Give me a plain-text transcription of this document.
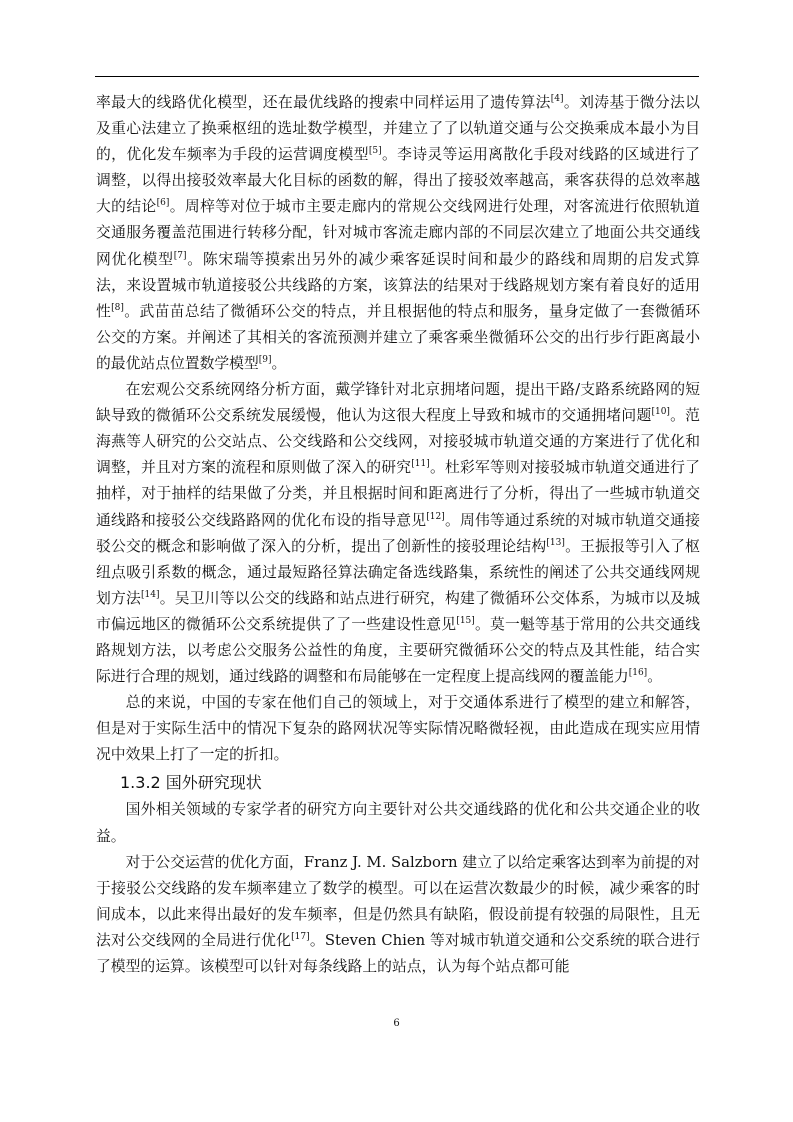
率最大的线路优化模型，还在最优线路的搜索中同样运用了遗传算法[4]。刘涛基于微分法以及重心法建立了换乘枢纽的选址数学模型，并建立了了以轨道交通与公交换乘成本最小为目的，优化发车频率为手段的运营调度模型[5]。李诗灵等运用离散化手段对线路的区域进行了调整，以得出接驳效率最大化目标的函数的解，得出了接驳效率越高，乘客获得的总效率越大的结论[6]。周梓等对位于城市主要走廊内的常规公交线网进行处理，对客流进行依照轨道交通服务覆盖范围进行转移分配，针对城市客流走廊内部的不同层次建立了地面公共交通线网优化模型[7]。陈宋瑞等摸索出另外的减少乘客延误时间和最少的路线和周期的启发式算法，来设置城市轨道接驳公共线路的方案，该算法的结果对于线路规划方案有着良好的适用性[8]。武苗苗总结了微循环公交的特点，并且根据他的特点和服务，量身定做了一套微循环公交的方案。并阐述了其相关的客流预测并建立了乘客乘坐微循环公交的出行步行距离最小的最优站点位置数学模型[9]。

在宏观公交系统网络分析方面，戴学锋针对北京拥堵问题，提出干路/支路系统路网的短缺导致的微循环公交系统发展缓慢，他认为这很大程度上导致和城市的交通拥堵问题[10]。范海燕等人研究的公交站点、公交线路和公交线网，对接驳城市轨道交通的方案进行了优化和调整，并且对方案的流程和原则做了深入的研究[11]。杜彩军等则对接驳城市轨道交通进行了抽样，对于抽样的结果做了分类，并且根据时间和距离进行了分析，得出了一些城市轨道交通线路和接驳公交线路路网的优化布设的指导意见[12]。周伟等通过系统的对城市轨道交通接驳公交的概念和影响做了深入的分析，提出了创新性的接驳理论结构[13]。王振报等引入了枢纽点吸引系数的概念，通过最短路径算法确定备选线路集，系统性的阐述了公共交通线网规划方法[14]。吴卫川等以公交的线路和站点进行研究，构建了微循环公交体系，为城市以及城市偏远地区的微循环公交系统提供了了一些建设性意见[15]。莫一魁等基于常用的公共交通线路规划方法，以考虑公交服务公益性的角度，主要研究微循环公交的特点及其性能，结合实际进行合理的规划，通过线路的调整和布局能够在一定程度上提高线网的覆盖能力[16]。

总的来说，中国的专家在他们自己的领域上，对于交通体系进行了模型的建立和解答，但是对于实际生活中的情况下复杂的路网状况等实际情况略微轻视，由此造成在现实应用情况中效果上打了一定的折扣。

1.3.2 国外研究现状

国外相关领域的专家学者的研究方向主要针对公共交通线路的优化和公共交通企业的收益。

对于公交运营的优化方面，Franz J. M. Salzborn 建立了以给定乘客达到率为前提的对于接驳公交线路的发车频率建立了数学的模型。可以在运营次数最少的时候，减少乘客的时间成本，以此来得出最好的发车频率，但是仍然具有缺陷，假设前提有较强的局限性，且无法对公交线网的全局进行优化[17]。Steven Chien 等对城市轨道交通和公交系统的联合进行了模型的运算。该模型可以针对每条线路上的站点，认为每个站点都可能

6
